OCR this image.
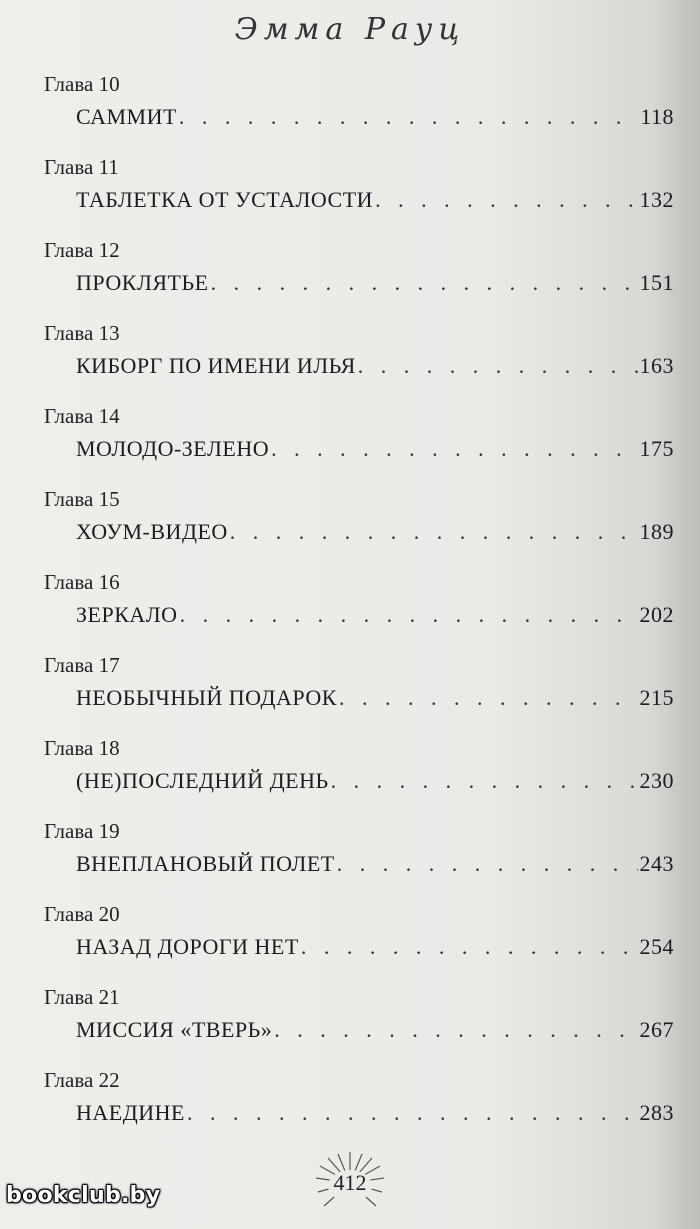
Эмма Рауц
Глава 10
САММИТ . . .	118
Глава 11
ТАБЛЕТКА ОТ УСТАЛОСТИ . . .	132
Глава 12
ПРОКЛЯТЬЕ . . .	151
Глава 13
КИБОРГ ПО ИМЕНИ ИЛЬЯ . . .	163
Глава 14
МОЛОДО-ЗЕЛЕНО . . .	175
Глава 15
ХОУМ-ВИДЕО . . .	189
Глава 16
ЗЕРКАЛО . . .	202
Глава 17
НЕОБЫЧНЫЙ ПОДАРОК . . .	215
Глава 18
(НЕ)ПОСЛЕДНИЙ ДЕНЬ . . .	230
Глава 19
ВНЕПЛАНОВЫЙ ПОЛЕТ . . .	243
Глава 20
НАЗАД ДОРОГИ НЕТ . . .	254
Глава 21
МИССИЯ «ТВЕРЬ» . . .	267
Глава 22
НАЕДИНЕ . . .	283
412
bookclub.by
